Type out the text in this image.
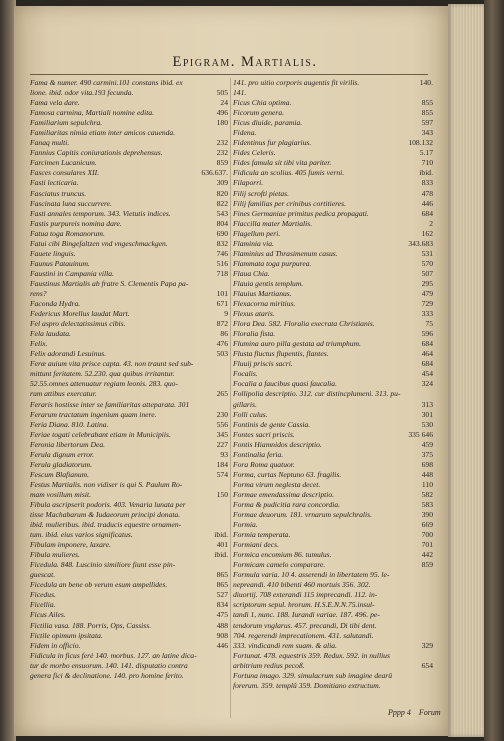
Epigram. Martialis.
Fama & numer. 490 carmini.101 constans ibid. ex
lione. ibid. odor vita.193 fecunda.	505
Fama vela dare.	24
Famosa carmina, Martiali nomine edita.	496
Familiarium sepulchra.	180
Familiaritas nimia etiam inter amicos cauenda.
Fanaq multi.	232
Fannius Capitis coniurationis deprehensus.	232
Farcimen Lucanicum.	859
Fasces consulares XII.	636.637.
Fasti lecticaria.	309
Fasciatus truncus.	820
Fascinata luna succurrere.	822
Fasti annales temporum. 343. Vietutis indices.	543
Fastis purpureis nomina dare.	804
Fatua toga Romanorum.	690
Fatui cibi Bingefaltzen vnd vngeschmackgen.	832
Fauete linguis.	746
Faunus Patauinum.	516
Faustini in Campania villa.	718
Faustinus Martialis ab fratre S. Clementis Papa pa-
rens?	101
Faconda Hydra.	671
Federicus Morellus laudat Mart.	9
Fel aspro delectatissimus cibis.	872
Fela laudata.	86
Felix.	476
Felix adorandi Lesuinus.	503
Feræ auium vita prisce capta. 43. non traunt sed sub-
mittunt feritatem. 52.230. qua quibus irritantur.
52.55.omnes attenuatur regiam leonis. 283. quo-
rum attibus exercatur.	265
Feraris hostisse inter se familiaritas atteparata. 301
Ferarum tractatum ingenium quam inere.	230
Feria Diana. 810. Latina.	556
Feriae togati celebrabant etiam in Municipiis.	345
Feronia libertorum Dea.	227
Ferula dignum error.	93
Ferula gladiatorum.	184
Fescum Blafianum.	574
Festus Martialis. non vidiser is qui S. Paulum Ro-
mam vosillum misit.	150
Fibula ascripserit podoris. 403. Venaria lunata per
tisse Machabarum & Iudaeorum principi donata.
ibid. mulieribus. ibid. traducis equestre ornamen-
tum. ibid. eius varios significatus.	ibid.
Fibulam imponere, laxare.	401
Fibula mulieres.	ibid.
Ficedula. 848. Luscinio similiore fiunt esse pin-
guescat.	865
Ficedula an bene ob verum esum ampellides.	865
Ficedus.	527
Ficellia.	834
Ficus Ailes.	475
Fictilia vasa. 188. Porris, Ops, Cassiss.	488
Fictile opimum ipsitata.	908
Fidem in officio.	446
Fidicula in ficus ferè 140. morbus. 127. an latine dica-
tur de morbo ensuorum. 140. 141. disputatio contra
genera fici & declinatione. 140. pro homine ferito.
141. pro uitio corporis augentis fit virilis.	140.
141.
Ficus Chia optima.	855
Ficorum genera.	855
Ficus diuide, paramia.	597
Fidena.	343
Fidentinus fur plagiarius.	108.132
Fides Celeris.	5.17
Fides famula sit tibi vita pariter.	710
Fidicula an scolius. 405 fumis verni.	ibid.
Filaporri.	833
Filij scrofti pietas.	478
Filij familias per crinibus cortitieres.	446
Fines Germaniae primitus pedica propagati.	684
Flaccilla mater Martialis.	2
Flagellum peri.	162
Flaminia via.	343.683
Flaminius ad Thrasimenum casus.	531
Flammata toga purpurea.	570
Flaua Chia.	507
Flauia gentis templum.	295
Flauius Martianus.	479
Flexacorna miritius.	729
Flexus ataris.	333
Flora Dea. 582. Floralia execrata Christianis.	75
Floralia fista.	596
Flumina auro pilla gestata ad triumphum.	684
Flusta fluctus flupentis, flantes.	464
Fluuij priscis sacri.	684
Focalis.	454
Focalia a faucibus quasi faucalia.	324
Follipolia descriptio. 312. cur distincplumeni. 313. pu-
gillaris.	313
Folli culus.	301
Fontinis de gente Cassia.	530
Fontes sacri priscis.	335 646
Fontis Hiamnidos descriptio.	459
Fontinalia feria.	375
Fora Roma quatuor.	698
Forma, curtas Neptuno 63. fragilis.	448
Forma virum neglesta decet.	110
Formae emendassima descriptio.	582
Forma & pudicitia rara concordia.	583
Formae deuorum. 181. vrnarum sepulchralis.	390
Formia.	669
Formia temperata.	700
Formiani decs.	701
Formica encomium 86. tumulus.	442
Formicam camelo comparare.	859
Formula varia. 10 4. asserendi in libertatem 95. le-
nepreandi. 410 bibenti 460 mortuis 356. 302.
diuortij. 708 exterandi 115 imprecandi. 112. in-
scriptorum sepul. hrorum. H.S.E.N.N.75.insul-
tandi 1, nunc. 188. Iurandi variae. 187. 496. pe-
tendorum vnglarus. 457. precandi, Di tibi dent.
704. regerendi imprecationem. 431. salutandi.
333. vindicandi rem suam. & alia.	329
Fortunat. 478. equestris 359. Redux. 592. in nullius
arbitrium redius pecoß.	654
Fortuna imago. 329. simulacrum sub imagine dearû
forerum. 359. templû 359. Domitiano extructum.
Pppp 4 Forum
